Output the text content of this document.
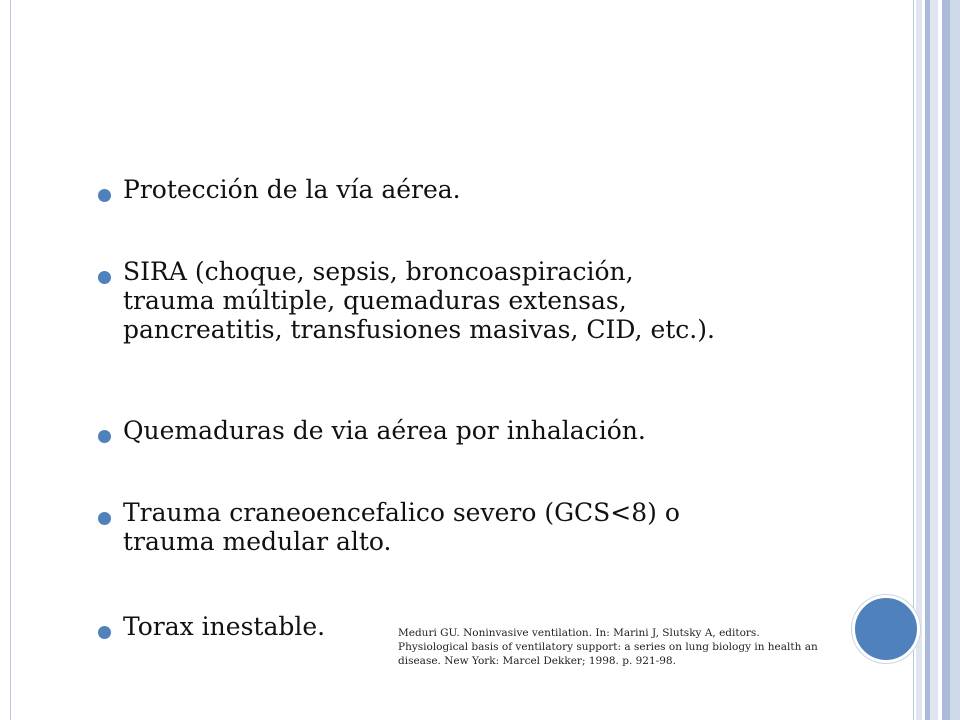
Protección de la vía aérea.
SIRA (choque, sepsis, broncoaspiración,
trauma múltiple, quemaduras extensas,
pancreatitis, transfusiones masivas, CID, etc.).
Quemaduras de via aérea por inhalación.
Trauma craneoencefalico severo (GCS<8) o
trauma medular alto.
Torax inestable.	Meduri GU. Noninvasive ventilation. In: Marini J, Slutsky A, editors.
Physiological basis of ventilatory support: a series on lung biology in health an
disease. New York: Marcel Dekker; 1998. p. 921-98.
